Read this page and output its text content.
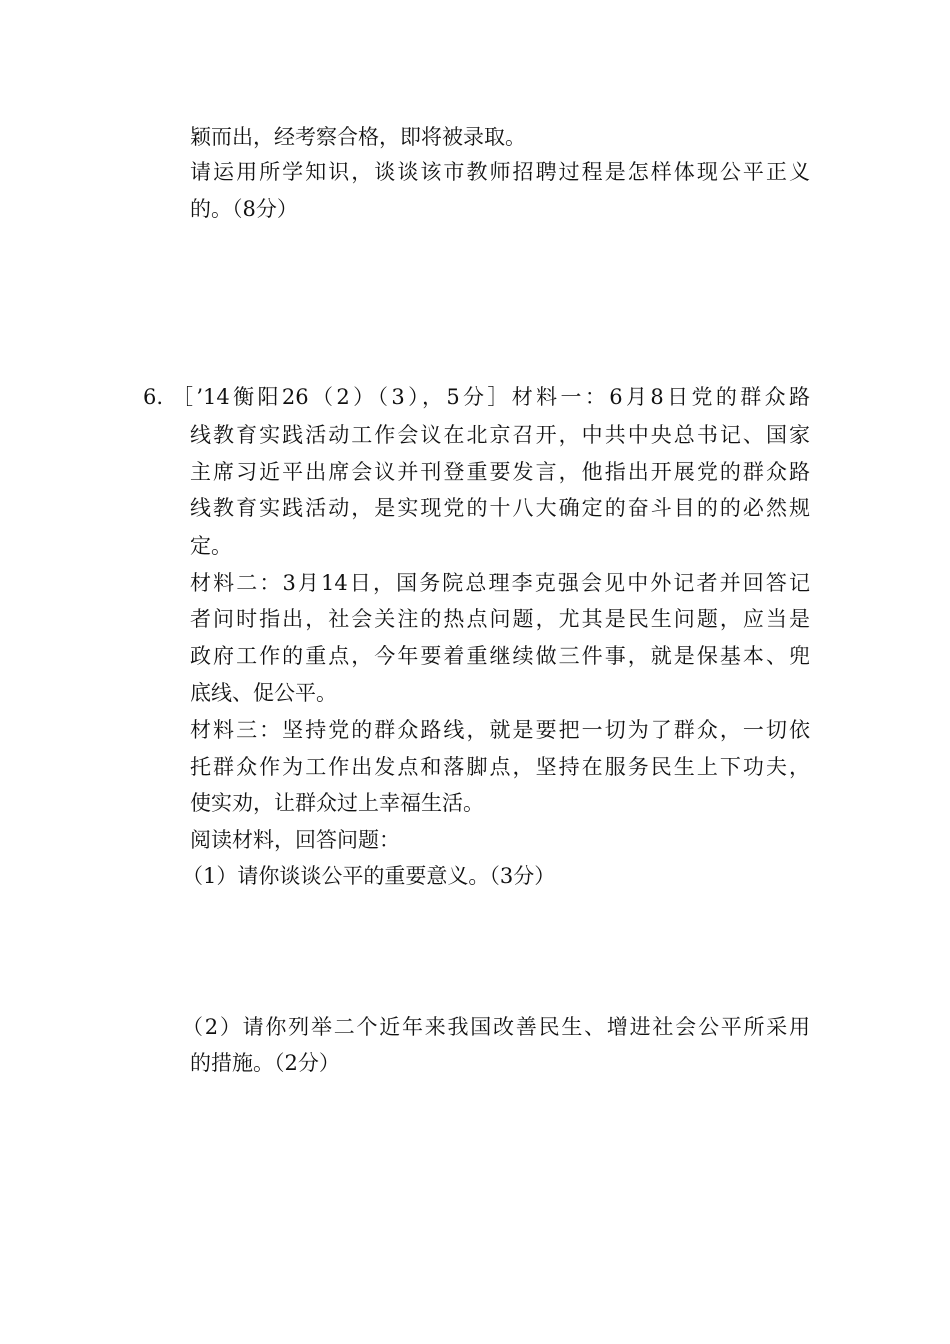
颖而出，经考察合格，即将被录取。
请运用所学知识，谈谈该市教师招聘过程是怎样体现公平正义
的。（8分）
6. ［’14衡阳26（2）（3），5分］材料一：6月8日党的群众路
线教育实践活动工作会议在北京召开，中共中央总书记、国家
主席习近平出席会议并刊登重要发言，他指出开展党的群众路
线教育实践活动，是实现党的十八大确定的奋斗目的的必然规
定。
材料二：3月14日，国务院总理李克强会见中外记者并回答记
者问时指出，社会关注的热点问题，尤其是民生问题，应当是
政府工作的重点，今年要着重继续做三件事，就是保基本、兜
底线、促公平。
材料三：坚持党的群众路线，就是要把一切为了群众，一切依
托群众作为工作出发点和落脚点，坚持在服务民生上下功夫，
使实劝，让群众过上幸福生活。
阅读材料，回答问题：
（1）请你谈谈公平的重要意义。（3分）
（2）请你列举二个近年来我国改善民生、增进社会公平所采用
的措施。（2分）
